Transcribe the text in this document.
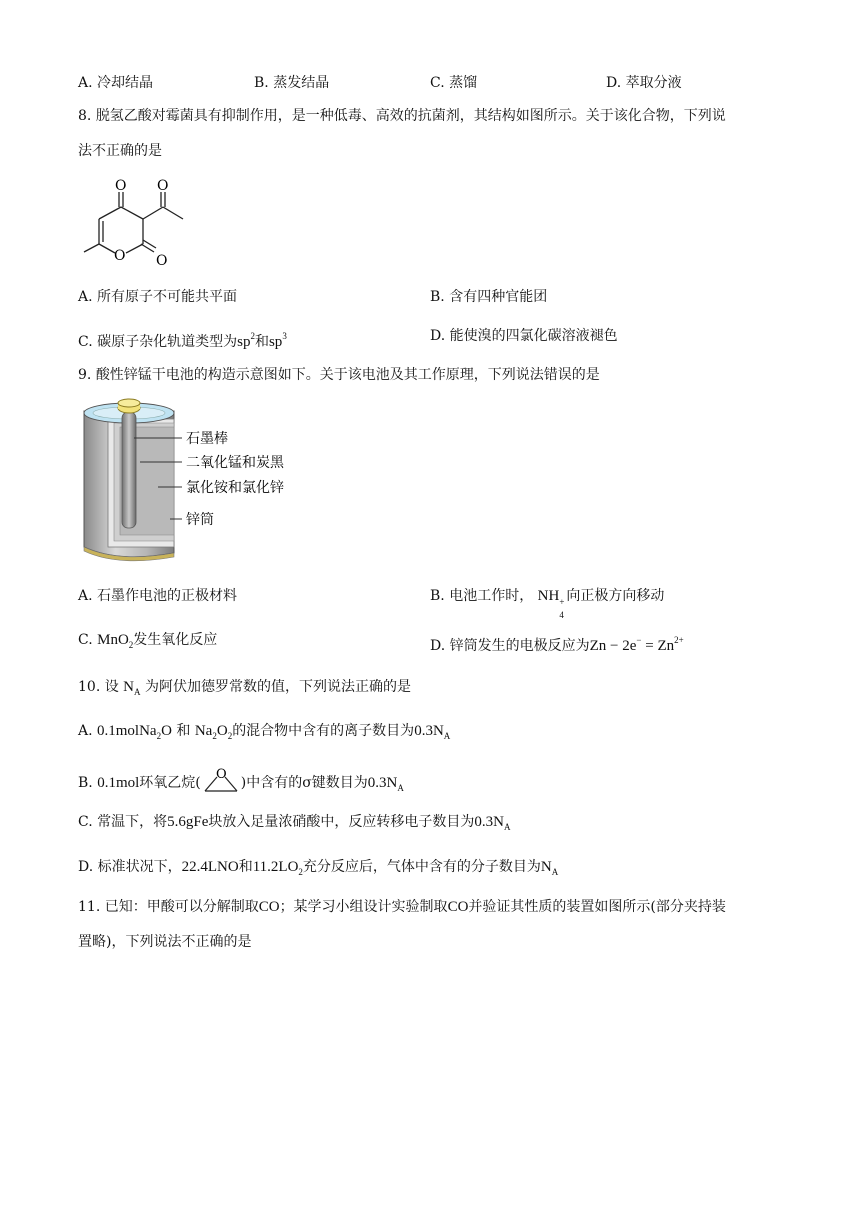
A. 冷却结晶	B. 蒸发结晶	C. 蒸馏	D. 萃取分液
8. 脱氢乙酸对霉菌具有抑制作用，是一种低毒、高效的抗菌剂，其结构如图所示。关于该化合物，下列说
法不正确的是
O O
O O
A. 所有原子不可能共平面	B. 含有四种官能团
C. 碳原子杂化轨道类型为$sp^2$和$sp^3$	D. 能使溴的四氯化碳溶液褪色
9. 酸性锌锰干电池的构造示意图如下。关于该电池及其工作原理，下列说法错误的是
石墨棒
二氧化锰和炭黑
氯化铵和氯化锌
锌筒
A. 石墨作电池的正极材料	B. 电池工作时， NH +
4
向正极方向移动
C. MnO$_2$发生氧化反应	D. 锌筒发生的电极反应为$Zn - 2e^- = Zn^{2+}$
10. 设 $N_A$ 为阿伏加德罗常数的值，下列说法正确的是
A. 0.1molNa$_2$O 和 $Na_2O_2$的混合物中含有的离子数目为$0.3N_A$
B. 0.1mol环氧乙烷(
O
)中含有的σ键数目为$0.3N_A$
C. 常温下，将5.6gFe块放入足量浓硝酸中，反应转移电子数目为$0.3N_A$
D. 标准状况下，22.4LNO和$11.2LO_2$充分反应后，气体中含有的分子数目为$N_A$
11. 已知：甲酸可以分解制取CO；某学习小组设计实验制取CO并验证其性质的装置如图所示(部分夹持装
置略)，下列说法不正确的是
